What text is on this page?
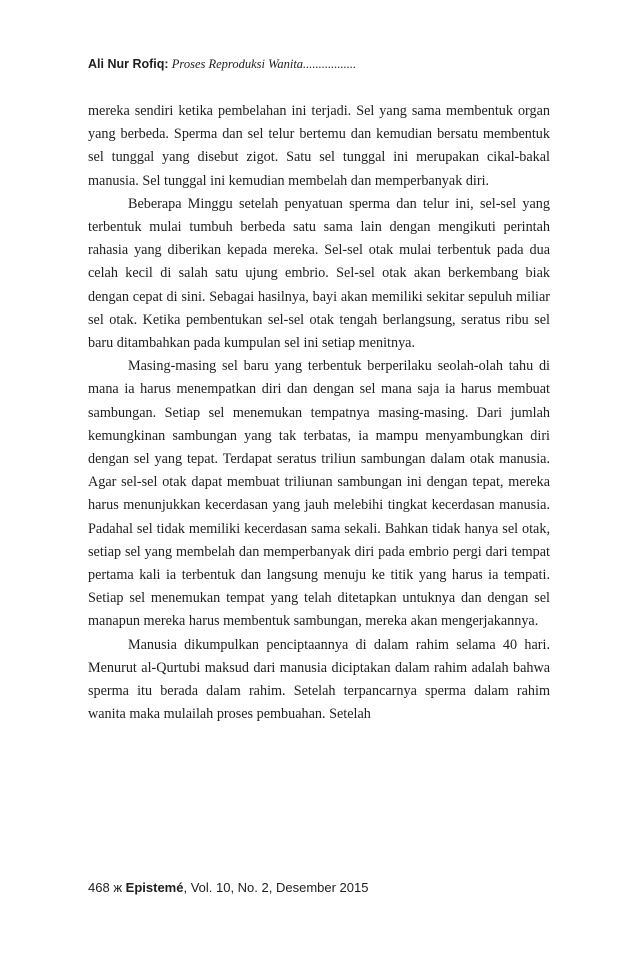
Ali Nur Rofiq: Proses Reproduksi Wanita.................

mereka sendiri ketika pembelahan ini terjadi. Sel yang sama membentuk organ yang berbeda. Sperma dan sel telur bertemu dan kemudian bersatu membentuk sel tunggal yang disebut zigot. Satu sel tunggal ini merupakan cikal-bakal manusia. Sel tunggal ini kemudian membelah dan memperbanyak diri.

Beberapa Minggu setelah penyatuan sperma dan telur ini, sel-sel yang terbentuk mulai tumbuh berbeda satu sama lain dengan mengikuti perintah rahasia yang diberikan kepada mereka. Sel-sel otak mulai terbentuk pada dua celah kecil di salah satu ujung embrio. Sel-sel otak akan berkembang biak dengan cepat di sini. Sebagai hasilnya, bayi akan memiliki sekitar sepuluh miliar sel otak. Ketika pembentukan sel-sel otak tengah berlangsung, seratus ribu sel baru ditambahkan pada kumpulan sel ini setiap menitnya.

Masing-masing sel baru yang terbentuk berperilaku seolah-olah tahu di mana ia harus menempatkan diri dan dengan sel mana saja ia harus membuat sambungan. Setiap sel menemukan tempatnya masing-masing. Dari jumlah kemungkinan sambungan yang tak terbatas, ia mampu menyambungkan diri dengan sel yang tepat. Terdapat seratus triliun sambungan dalam otak manusia. Agar sel-sel otak dapat membuat triliunan sambungan ini dengan tepat, mereka harus menunjukkan kecerdasan yang jauh melebihi tingkat kecerdasan manusia. Padahal sel tidak memiliki kecerdasan sama sekali. Bahkan tidak hanya sel otak, setiap sel yang membelah dan memperbanyak diri pada embrio pergi dari tempat pertama kali ia terbentuk dan langsung menuju ke titik yang harus ia tempati. Setiap sel menemukan tempat yang telah ditetapkan untuknya dan dengan sel manapun mereka harus membentuk sambungan, mereka akan mengerjakannya.

Manusia dikumpulkan penciptaannya di dalam rahim selama 40 hari. Menurut al-Qurtubi maksud dari manusia diciptakan dalam rahim adalah bahwa sperma itu berada dalam rahim. Setelah terpancarnya sperma dalam rahim wanita maka mulailah proses pembuahan. Setelah

468 ж Epistemé, Vol. 10, No. 2, Desember 2015
